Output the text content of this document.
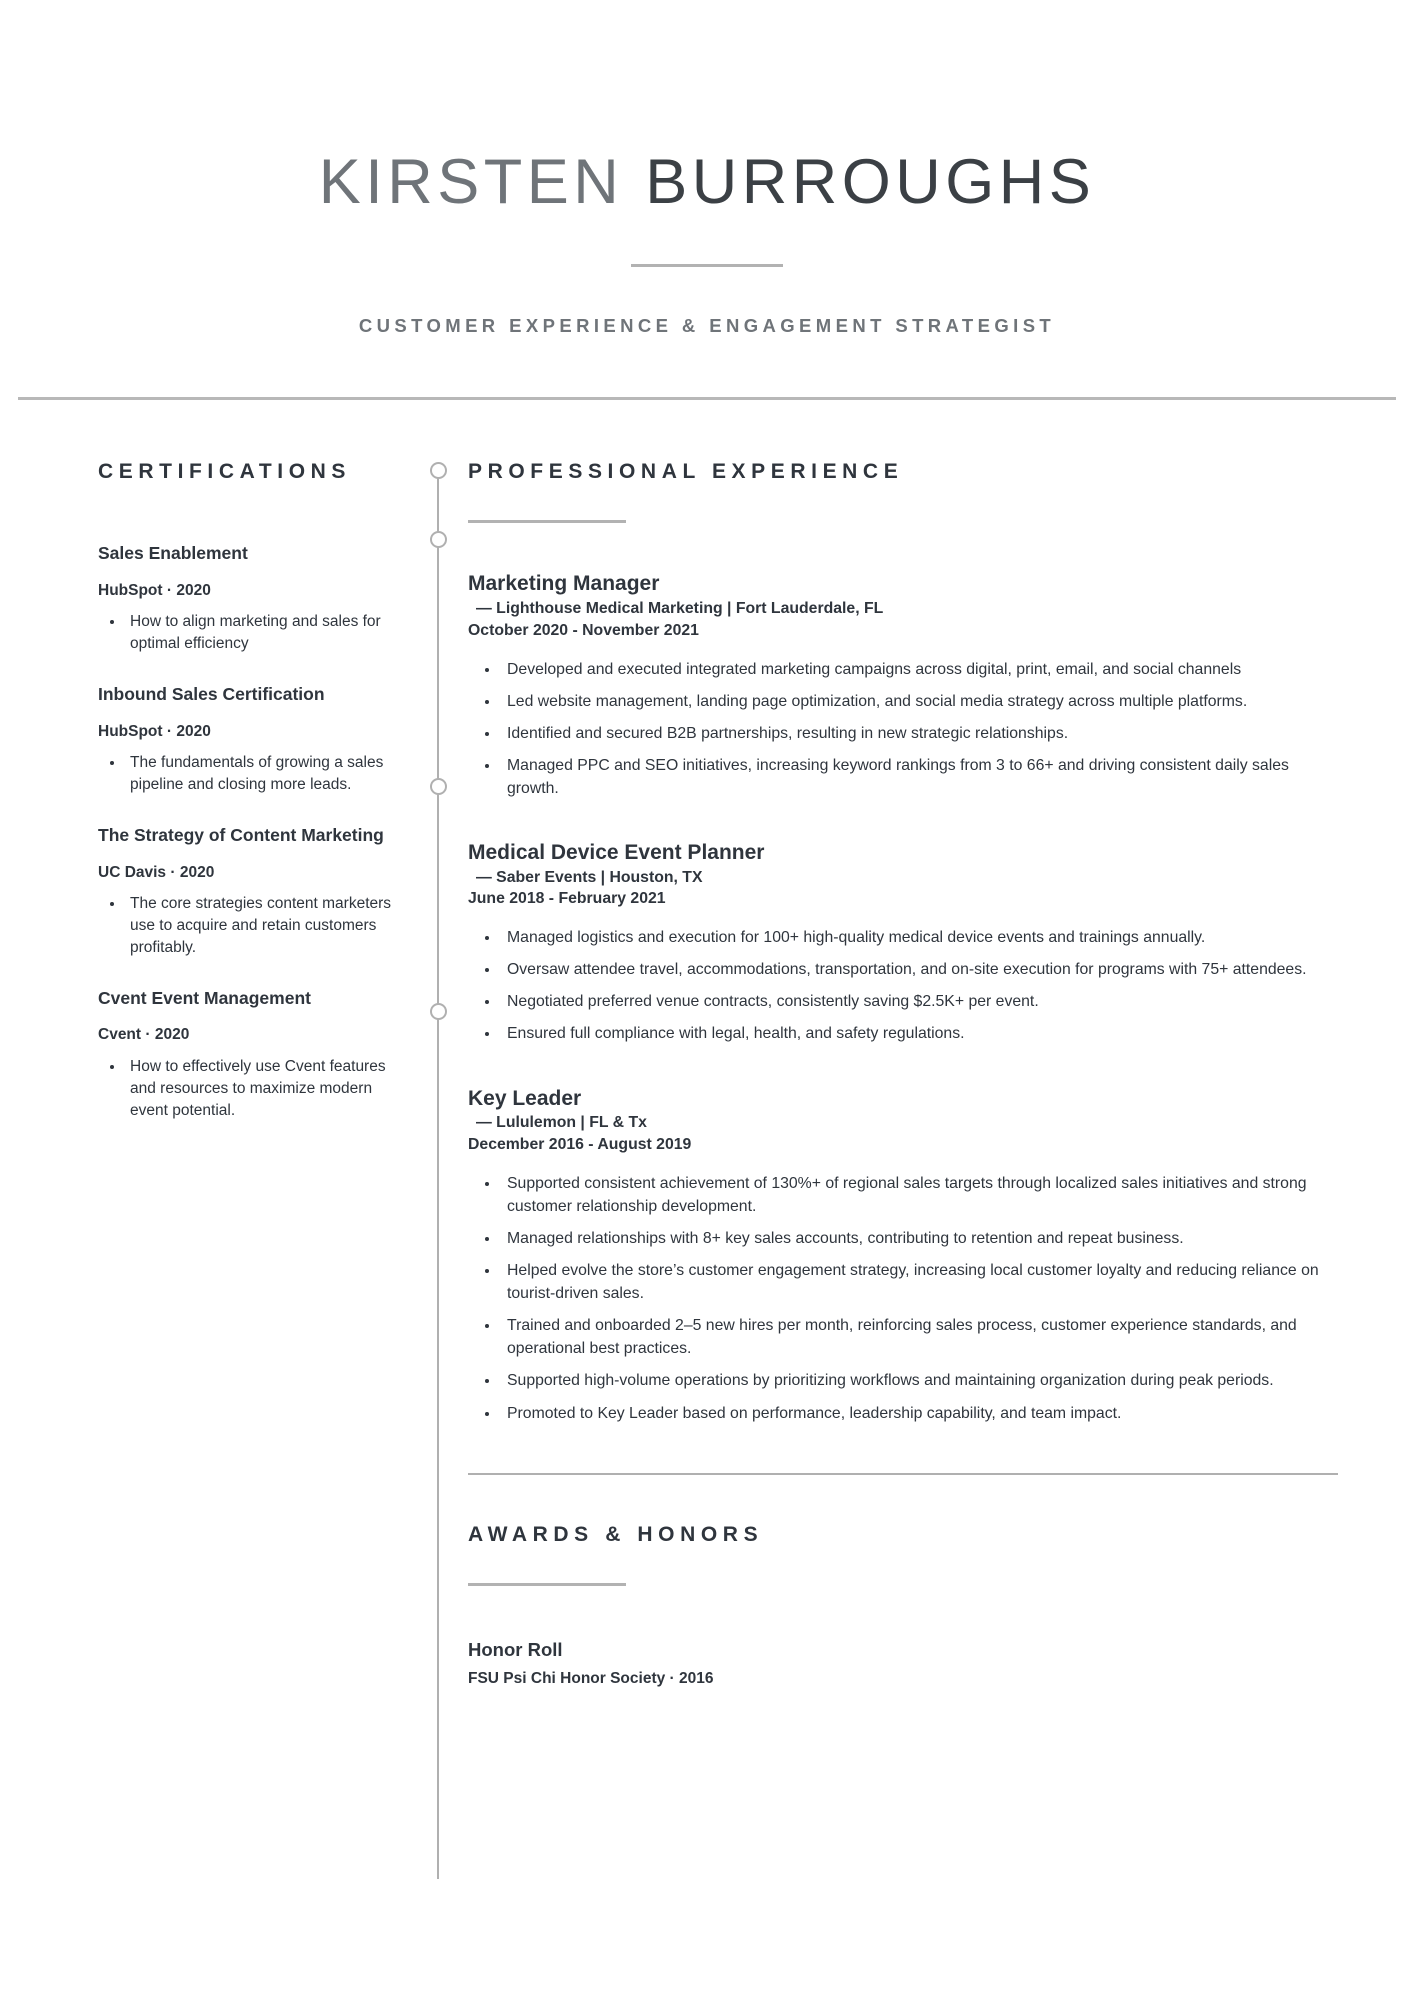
KIRSTEN BURROUGHS
CUSTOMER EXPERIENCE & ENGAGEMENT STRATEGIST
CERTIFICATIONS
Sales Enablement
HubSpot · 2020
• How to align marketing and sales for optimal efficiency
Inbound Sales Certification
HubSpot · 2020
• The fundamentals of growing a sales pipeline and closing more leads.
The Strategy of Content Marketing
UC Davis · 2020
• The core strategies content marketers use to acquire and retain customers profitably.
Cvent Event Management
Cvent · 2020
• How to effectively use Cvent features and resources to maximize modern event potential.
PROFESSIONAL EXPERIENCE
Marketing Manager
— Lighthouse Medical Marketing | Fort Lauderdale, FL
October 2020 - November 2021
• Developed and executed integrated marketing campaigns across digital, print, email, and social channels
• Led website management, landing page optimization, and social media strategy across multiple platforms.
• Identified and secured B2B partnerships, resulting in new strategic relationships.
• Managed PPC and SEO initiatives, increasing keyword rankings from 3 to 66+ and driving consistent daily sales growth.
Medical Device Event Planner
— Saber Events | Houston, TX
June 2018 - February 2021
• Managed logistics and execution for 100+ high-quality medical device events and trainings annually.
• Oversaw attendee travel, accommodations, transportation, and on-site execution for programs with 75+ attendees.
• Negotiated preferred venue contracts, consistently saving $2.5K+ per event.
• Ensured full compliance with legal, health, and safety regulations.
Key Leader
— Lululemon | FL & Tx
December 2016 - August 2019
• Supported consistent achievement of 130%+ of regional sales targets through localized sales initiatives and strong customer relationship development.
• Managed relationships with 8+ key sales accounts, contributing to retention and repeat business.
• Helped evolve the store’s customer engagement strategy, increasing local customer loyalty and reducing reliance on tourist-driven sales.
• Trained and onboarded 2–5 new hires per month, reinforcing sales process, customer experience standards, and operational best practices.
• Supported high-volume operations by prioritizing workflows and maintaining organization during peak periods.
• Promoted to Key Leader based on performance, leadership capability, and team impact.
AWARDS & HONORS
Honor Roll
FSU Psi Chi Honor Society · 2016
